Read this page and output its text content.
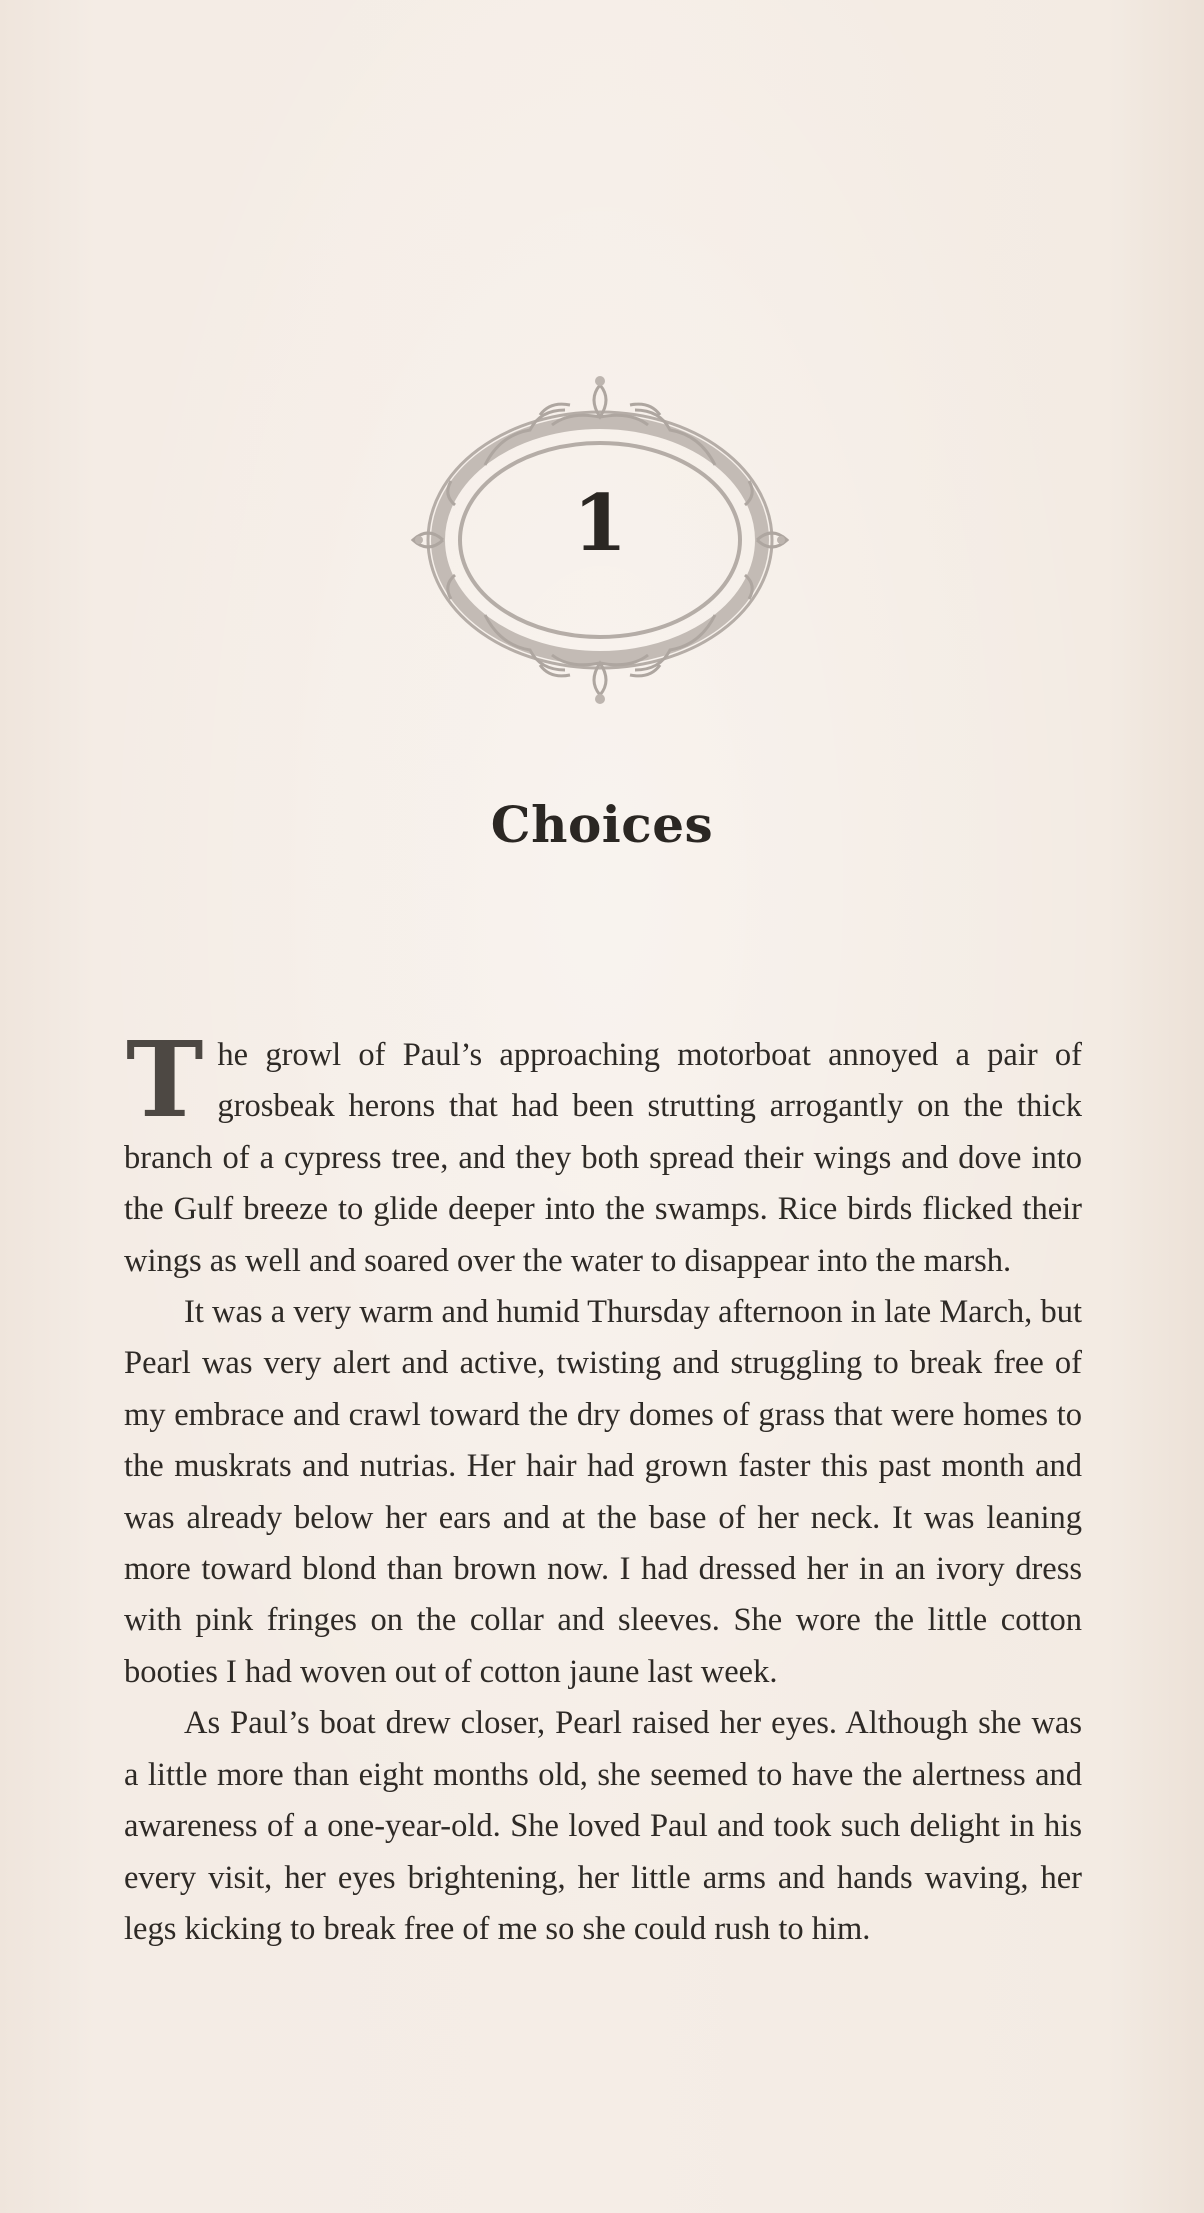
1
Choices

The growl of Paul’s approaching motorboat annoyed a pair of grosbeak herons that had been strutting arrogantly on the thick branch of a cypress tree, and they both spread their wings and dove into the Gulf breeze to glide deeper into the swamps. Rice birds flicked their wings as well and soared over the water to disappear into the marsh.

It was a very warm and humid Thursday afternoon in late March, but Pearl was very alert and active, twisting and struggling to break free of my embrace and crawl toward the dry domes of grass that were homes to the muskrats and nutrias. Her hair had grown faster this past month and was already below her ears and at the base of her neck. It was leaning more toward blond than brown now. I had dressed her in an ivory dress with pink fringes on the collar and sleeves. She wore the little cotton booties I had woven out of cotton jaune last week.

As Paul’s boat drew closer, Pearl raised her eyes. Although she was a little more than eight months old, she seemed to have the alertness and awareness of a one-year-old. She loved Paul and took such delight in his every visit, her eyes brightening, her little arms and hands waving, her legs kicking to break free of me so she could rush to him.
